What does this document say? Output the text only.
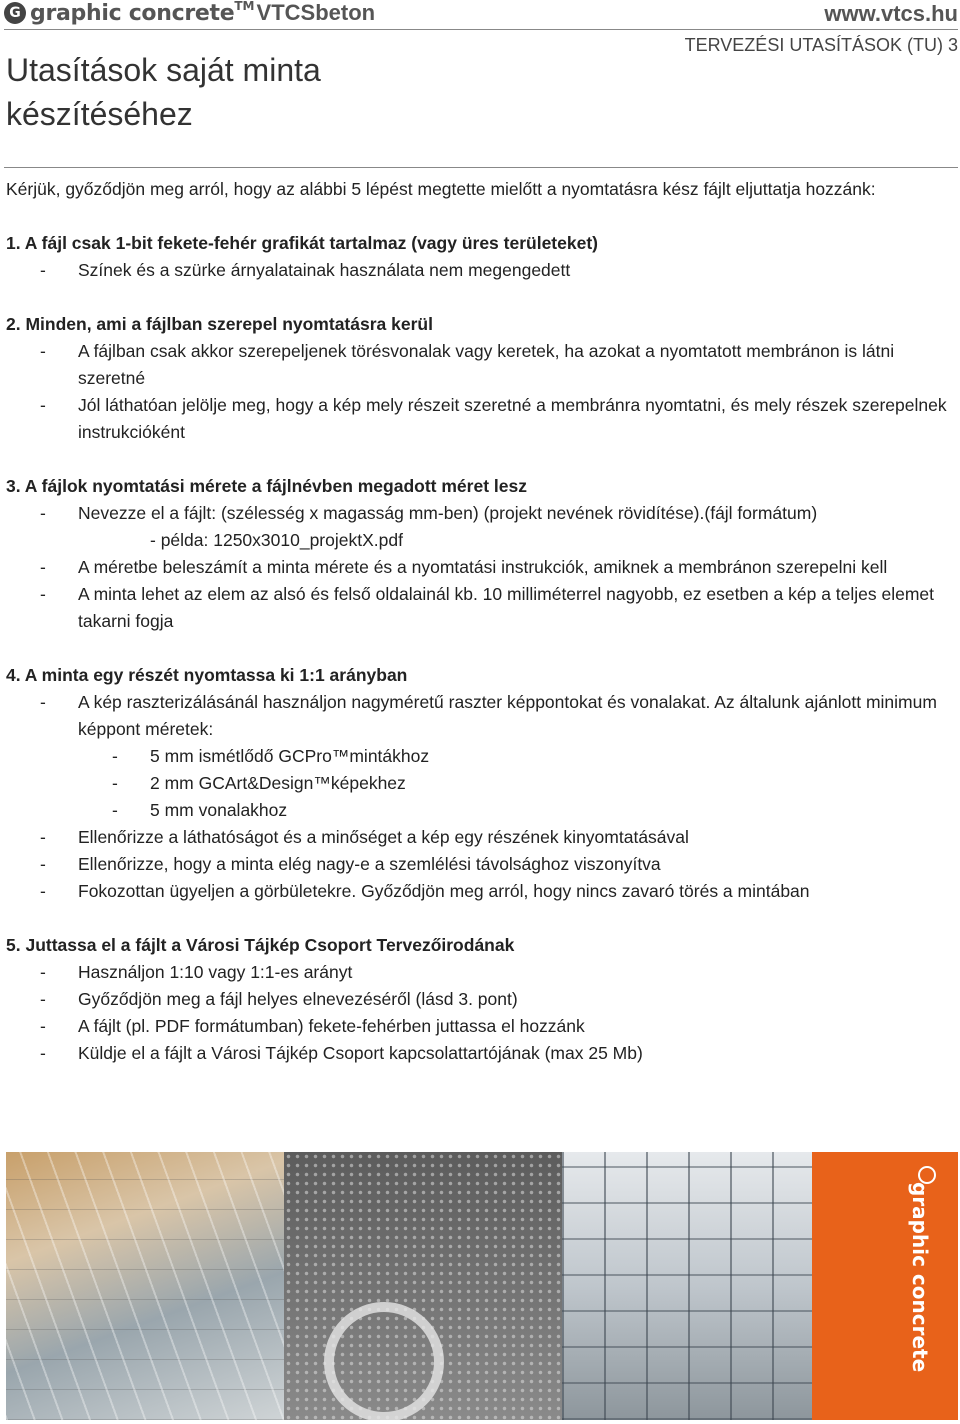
G graphic concrete TM VTCSbeton	www.vtcs.hu
Utasítások saját minta készítéséhez
TERVEZÉSI UTASÍTÁSOK (TU) 3

Kérjük, győződjön meg arról, hogy az alábbi 5 lépést megtette mielőtt a nyomtatásra kész fájlt eljuttatja hozzánk:

1. A fájl csak 1-bit fekete-fehér grafikát tartalmaz (vagy üres területeket)
- Színek és a szürke árnyalatainak használata nem megengedett
2. Minden, ami a fájlban szerepel nyomtatásra kerül
- A fájlban csak akkor szerepeljenek törésvonalak vagy keretek, ha azokat a nyomtatott membránon is látni szeretné
- Jól láthatóan jelölje meg, hogy a kép mely részeit szeretné a membránra nyomtatni, és mely részek szerepelnek instrukcióként
3. A fájlok nyomtatási mérete a fájlnévben megadott méret lesz
- Nevezze el a fájlt: (szélesség x magasság mm-ben) (projekt nevének rövidítése).(fájl formátum)
- példa: 1250x3010_projektX.pdf
- A méretbe beleszámít a minta mérete és a nyomtatási instrukciók, amiknek a membránon szerepelni kell
- A minta lehet az elem az alsó és felső oldalainál kb. 10 milliméterrel nagyobb, ez esetben a kép a teljes elemet takarni fogja
4. A minta egy részét nyomtassa ki 1:1 arányban
- A kép raszterizálásánál használjon nagyméretű raszter képpontokat és vonalakat. Az általunk ajánlott minimum képpont méretek:
- 5 mm ismétlődő GCPro™mintákhoz
- 2 mm GCArt&Design™képekhez
- 5 mm vonalakhoz
- Ellenőrizze a láthatóságot és a minőséget a kép egy részének kinyomtatásával
- Ellenőrizze, hogy a minta elég nagy-e a szemlélési távolsághoz viszonyítva
- Fokozottan ügyeljen a görbületekre. Győződjön meg arról, hogy nincs zavaró törés a mintában
5. Juttassa el a fájlt a Városi Tájkép Csoport Tervezőirodának
- Használjon 1:10 vagy 1:1-es arányt
- Győződjön meg a fájl helyes elnevezéséről (lásd 3. pont)
- A fájlt (pl. PDF formátumban) fekete-fehérben juttassa el hozzánk
- Küldje el a fájlt a Városi Tájkép Csoport kapcsolattartójának (max 25 Mb)
graphic concrete
